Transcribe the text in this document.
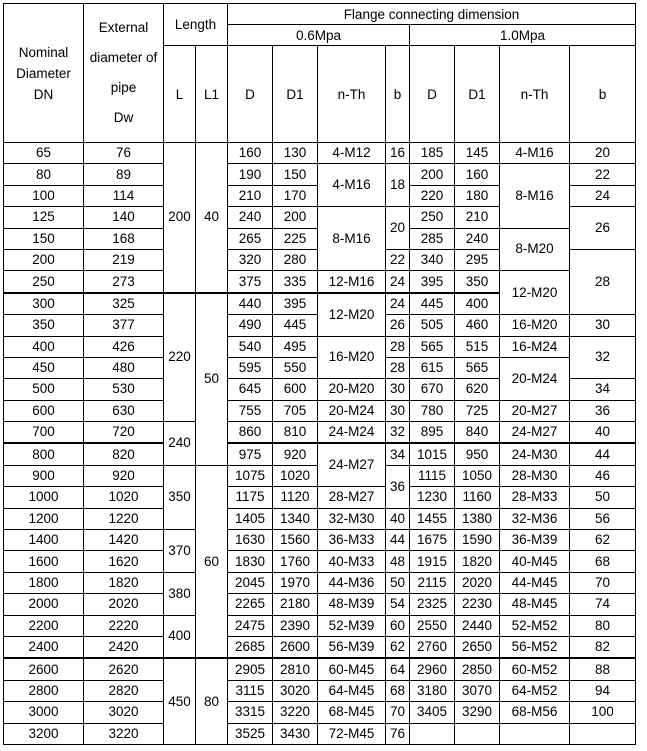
Nominal
Diameter
DN	External
diameter of
pipe
Dw	Length		Flange connecting dimension							
				0.6Mpa				1.0Mpa			
		L	L1	D	D1	n-Th	b	D	D1	n-Th	b
65	76	200	40	160	130	4-M12	16	185	145	4-M16	20
80	89			190	150	4-M16	18	200	160	8-M16	22
100	114			210	170			220	180		24
125	140			240	200	8-M16	20	250	210		26
150	168			265	225			285	240	8-M20	
200	219			320	280		22	340	295		28
250	273			375	335	12-M16	24	395	350	12-M20	
300	325	220	50	440	395	12-M20	24	445	400		
350	377			490	445		26	505	460	16-M20	30
400	426			540	495	16-M20	28	565	515	16-M24	32
450	480			595	550		28	615	565	20-M24	
500	530			645	600	20-M20	30	670	620		34
600	630			755	705	20-M24	30	780	725	20-M27	36
700	720	240		860	810	24-M24	32	895	840	24-M27	40
800	820			975	920	24-M27	34	1015	950	24-M30	44
900	920	350	60	1075	1020		36	1115	1050	28-M30	46
1000	1020			1175	1120	28-M27		1230	1160	28-M33	50
1200	1220			1405	1340	32-M30	40	1455	1380	32-M36	56
1400	1420	370		1630	1560	36-M33	44	1675	1590	36-M39	62
1600	1620			1830	1760	40-M33	48	1915	1820	40-M45	68
1800	1820	380		2045	1970	44-M36	50	2115	2020	44-M45	70
2000	2020			2265	2180	48-M39	54	2325	2230	48-M45	74
2200	2220	400		2475	2390	52-M39	60	2550	2440	52-M52	80
2400	2420			2685	2600	56-M39	62	2760	2650	56-M52	82
2600	2620	450	80	2905	2810	60-M45	64	2960	2850	60-M52	88
2800	2820			3115	3020	64-M45	68	3180	3070	64-M52	94
3000	3020			3315	3220	68-M45	70	3405	3290	68-M56	100
3200	3220			3525	3430	72-M45	76				
